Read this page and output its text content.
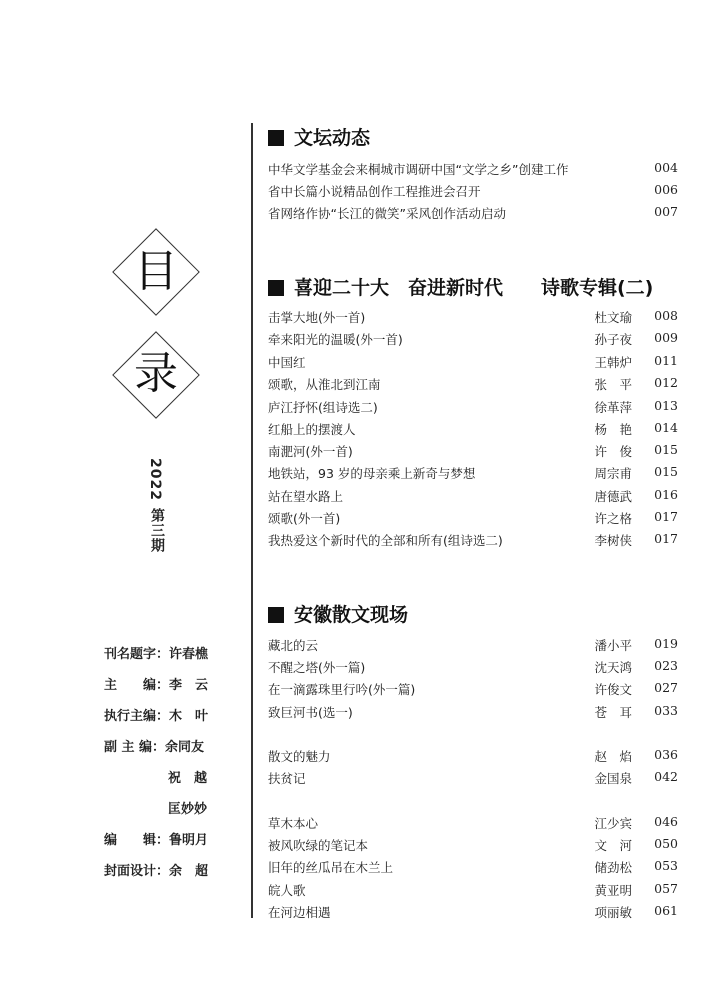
目
录
2022
第三期
刊名题字：许春樵
主　　编：李　云
执行主编：木　叶
副 主 编：余同友
祝　越
匡妙妙
编　　辑：鲁明月
封面设计：余　超
文坛动态
中华文学基金会来桐城市调研中国“文学之乡”创建工作	004
省中长篇小说精品创作工程推进会召开	006
省网络作协“长江的微笑”采风创作活动启动	007
喜迎二十大　奋进新时代　　诗歌专辑(二)
击掌大地(外一首)	杜文瑜 008
牵来阳光的温暖(外一首)	孙子夜 009
中国红	王韩炉 011
颂歌，从淮北到江南	张　平 012
庐江抒怀(组诗选二)	徐革萍 013
红船上的摆渡人	杨　艳 014
南淝河(外一首)	许　俊 015
地铁站，93 岁的母亲乘上新奇与梦想	周宗甫 015
站在望水路上	唐德武 016
颂歌(外一首)	许之格 017
我热爱这个新时代的全部和所有(组诗选二)	李树侠 017
安徽散文现场
藏北的云	潘小平 019
不醒之塔(外一篇)	沈天鸿 023
在一滴露珠里行吟(外一篇)	许俊文 027
致巨河书(选一)	苍　耳 033
散文的魅力	赵　焰 036
扶贫记	金国泉 042
草木本心	江少宾 046
被风吹绿的笔记本	文　河 050
旧年的丝瓜吊在木兰上	储劲松 053
皖人歌	黄亚明 057
在河边相遇	项丽敏 061
